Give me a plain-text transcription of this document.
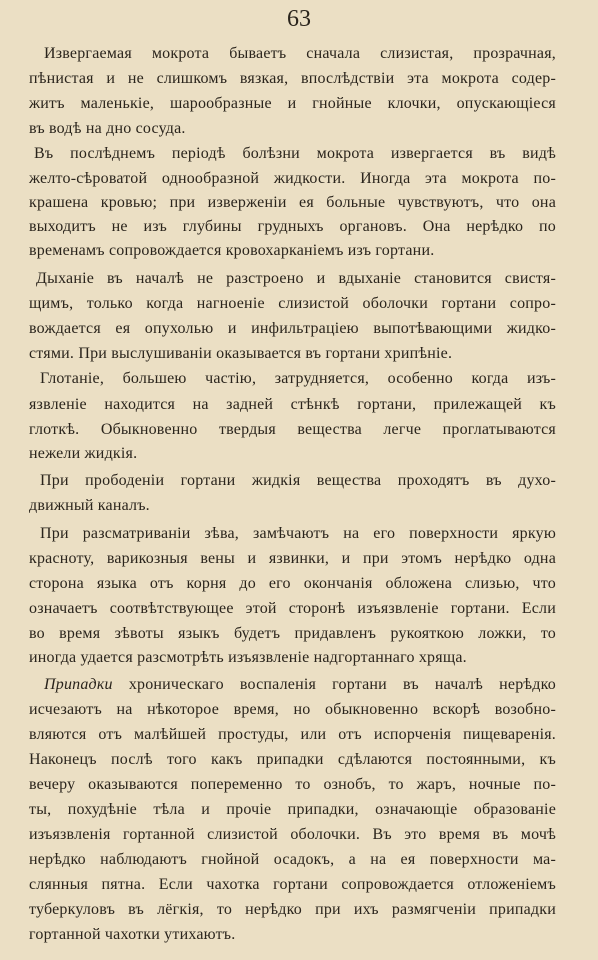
63
Извергаемая мокрота бываетъ сначала слизистая, прозрачная,
пѣнистая и не слишкомъ вязкая, впослѣдствіи эта мокрота содер-
житъ маленькіе, шарообразные и гнойные клочки, опускающіеся
въ водѣ на дно сосуда.
Въ послѣднемъ періодѣ болѣзни мокрота извергается въ видѣ
желто-сѣроватой однообразной жидкости. Иногда эта мокрота по-
крашена кровью; при изверженіи ея больные чувствуютъ, что она
выходитъ не изъ глубины грудныхъ органовъ. Она нерѣдко по
временамъ сопровождается кровохарканіемъ изъ гортани.
Дыханіе въ началѣ не разстроено и вдыханіе становится свистя-
щимъ, только когда нагноеніе слизистой оболочки гортани сопро-
вождается ея опухолью и инфильтраціею выпотѣвающими жидко-
стями. При выслушиваніи оказывается въ гортани хрипѣніе.
Глотаніе, большею частію, затрудняется, особенно когда изъ-
язвленіе находится на задней стѣнкѣ гортани, прилежащей къ
глоткѣ. Обыкновенно твердыя вещества легче проглатываются
нежели жидкія.
При прободеніи гортани жидкія вещества проходятъ въ духо-
движный каналъ.
При разсматриваніи зѣва, замѣчаютъ на его поверхности яркую
красноту, варикозныя вены и язвинки, и при этомъ нерѣдко одна
сторона языка отъ корня до его окончанія обложена слизью, что
означаетъ соотвѣтствующее этой сторонѣ изъязвленіе гортани. Если
во время зѣвоты языкъ будетъ придавленъ рукояткою ложки, то
иногда удается разсмотрѣть изъязвленіе надгортаннаго хряща.
Припадки хроническаго воспаленія гортани въ началѣ нерѣдко
исчезаютъ на нѣкоторое время, но обыкновенно вскорѣ возобно-
вляются отъ малѣйшей простуды, или отъ испорченія пищеваренія.
Наконецъ послѣ того какъ припадки сдѣлаются постоянными, къ
вечеру оказываются попеременно то ознобъ, то жаръ, ночные по-
ты, похудѣніе тѣла и прочіе припадки, означающіе образованіе
изъязвленія гортанной слизистой оболочки. Въ это время въ мочѣ
нерѣдко наблюдаютъ гнойной осадокъ, а на ея поверхности ма-
слянныя пятна. Если чахотка гортани сопровождается отложеніемъ
туберкуловъ въ лёгкія, то нерѣдко при ихъ размягченіи припадки
гортанной чахотки утихаютъ.
